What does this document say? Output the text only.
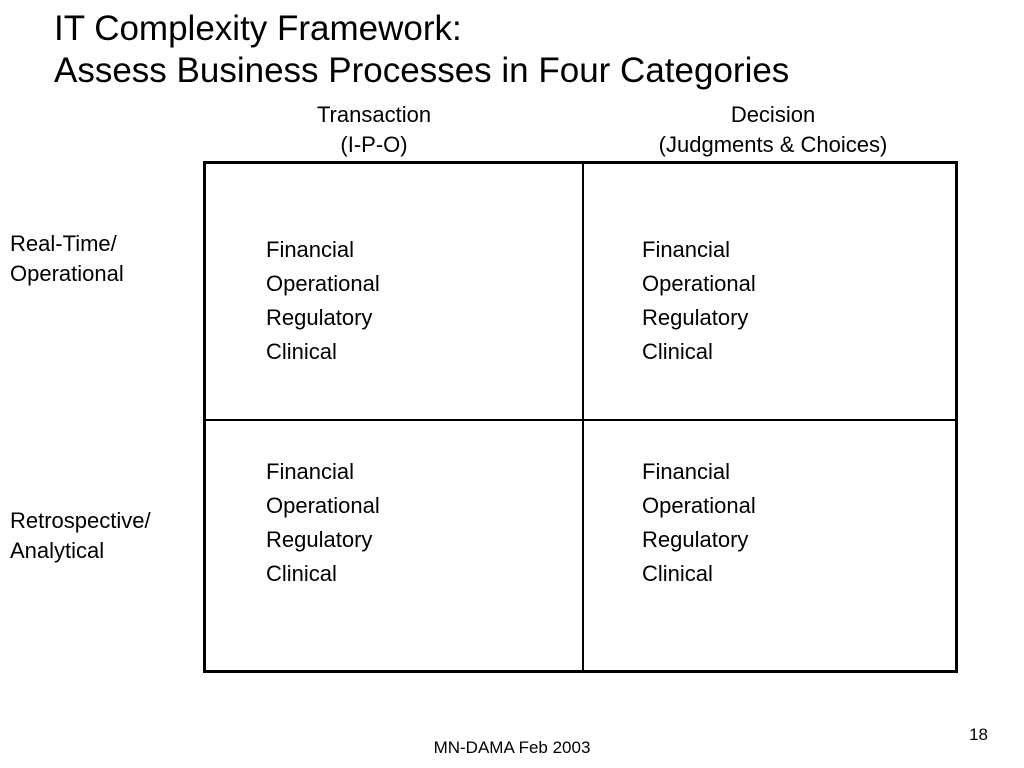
IT Complexity Framework:
Assess Business Processes in Four Categories
Transaction
(I-P-O)
Decision
(Judgments & Choices)
Real-Time/
Operational
Retrospective/
Analytical
Financial
Operational
Regulatory
Clinical
Financial
Operational
Regulatory
Clinical
Financial
Operational
Regulatory
Clinical
Financial
Operational
Regulatory
Clinical
MN-DAMA Feb 2003
18
